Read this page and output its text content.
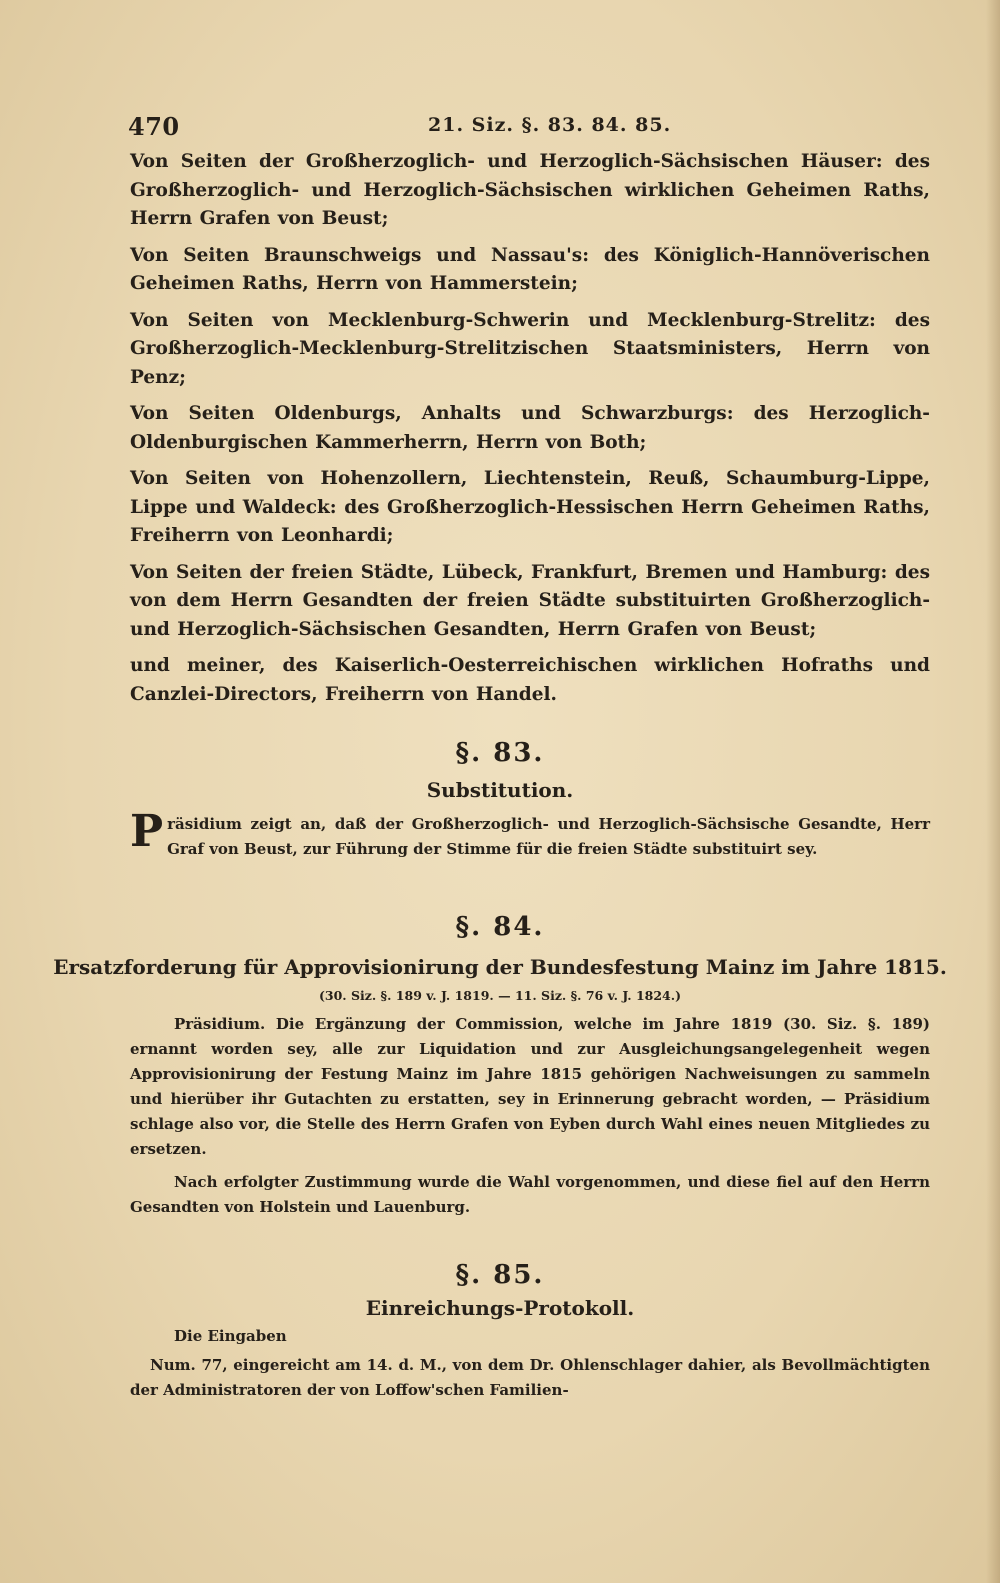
470	21. Siz. §. 83. 84. 85.

Von Seiten der Großherzoglich- und Herzoglich-Sächsischen Häuser: des Großherzoglich- und Herzoglich-Sächsischen wirklichen Geheimen Raths, Herrn Grafen von Beust;

Von Seiten Braunschweigs und Nassau's: des Königlich-Hannöverischen Geheimen Raths, Herrn von Hammerstein;

Von Seiten von Mecklenburg-Schwerin und Mecklenburg-Strelitz: des Großherzoglich-Mecklenburg-Strelitzischen Staatsministers, Herrn von Penz;

Von Seiten Oldenburgs, Anhalts und Schwarzburgs: des Herzoglich-Oldenburgischen Kammerherrn, Herrn von Both;

Von Seiten von Hohenzollern, Liechtenstein, Reuß, Schaumburg-Lippe, Lippe und Waldeck: des Großherzoglich-Hessischen Herrn Geheimen Raths, Freiherrn von Leonhardi;

Von Seiten der freien Städte, Lübeck, Frankfurt, Bremen und Hamburg: des von dem Herrn Gesandten der freien Städte substituirten Großherzoglich- und Herzoglich-Sächsischen Gesandten, Herrn Grafen von Beust;

und meiner, des Kaiserlich-Oesterreichischen wirklichen Hofraths und Canzlei-Directors, Freiherrn von Handel.

§. 83.
Substitution.

Präsidium zeigt an, daß der Großherzoglich- und Herzoglich-Sächsische Gesandte, Herr Graf von Beust, zur Führung der Stimme für die freien Städte substituirt sey.

§. 84.
Ersatzforderung für Approvisionirung der Bundesfestung Mainz im Jahre 1815.
(30. Siz. §. 189 v. J. 1819. — 11. Siz. §. 76 v. J. 1824.)

Präsidium. Die Ergänzung der Commission, welche im Jahre 1819 (30. Siz. §. 189) ernannt worden sey, alle zur Liquidation und zur Ausgleichungsangelegenheit wegen Approvisionirung der Festung Mainz im Jahre 1815 gehörigen Nachweisungen zu sammeln und hierüber ihr Gutachten zu erstatten, sey in Erinnerung gebracht worden, — Präsidium schlage also vor, die Stelle des Herrn Grafen von Eyben durch Wahl eines neuen Mitgliedes zu ersetzen.

Nach erfolgter Zustimmung wurde die Wahl vorgenommen, und diese fiel auf den Herrn Gesandten von Holstein und Lauenburg.

§. 85.
Einreichungs-Protokoll.

Die Eingaben

Num. 77, eingereicht am 14. d. M., von dem Dr. Ohlenschlager dahier, als Bevollmächtigten der Administratoren der von Loffow'schen Familien-
